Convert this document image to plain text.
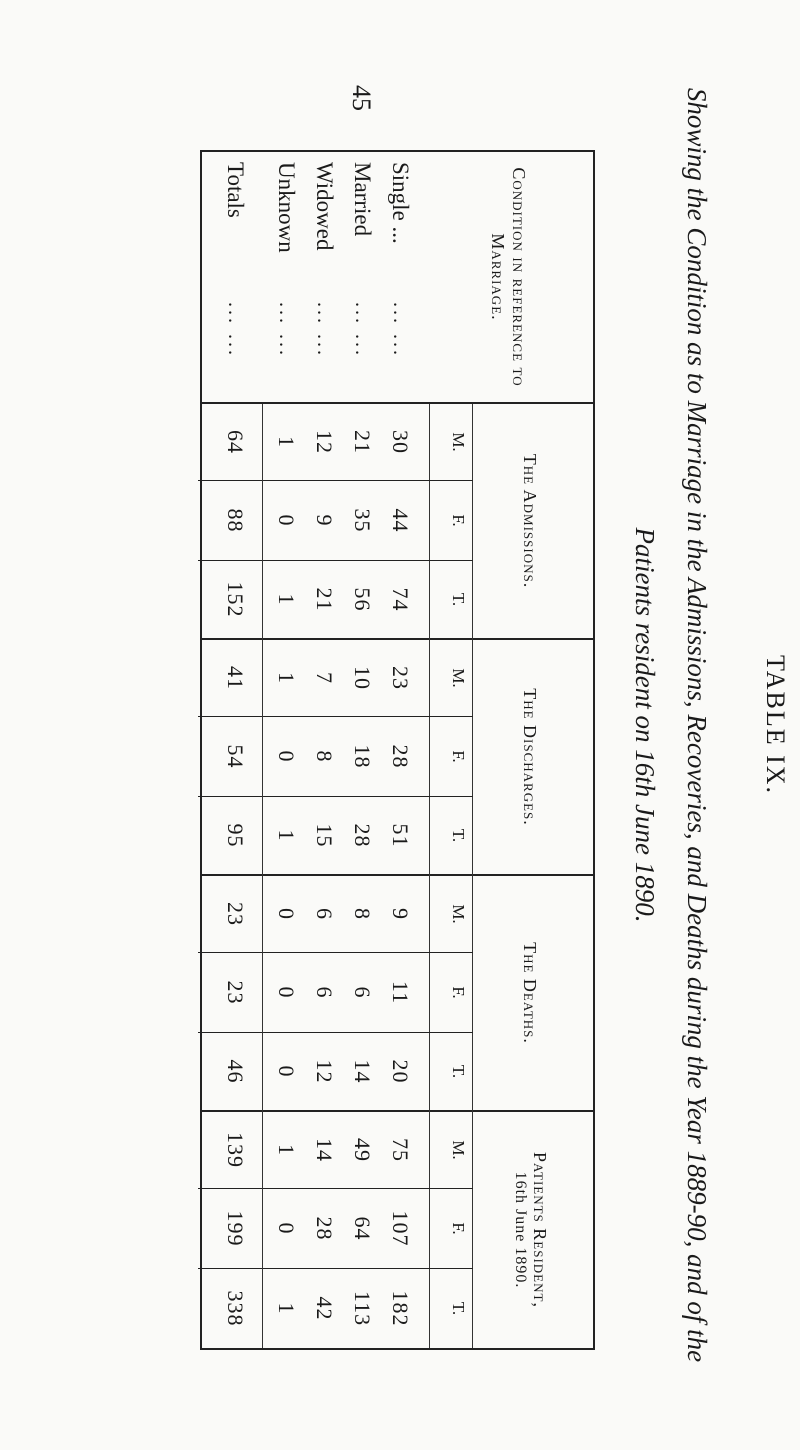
45
TABLE IX.
Showing the Condition as to Marriage in the Admissions, Recoveries, and Deaths during the Year 1889-90, and of the
Patients resident on 16th June 1890.
Condition in reference to
Marriage.
The Admissions.
The Discharges.
The Deaths.
Patients Resident,
16th June 1890.
M.
F.
T.
M.
F.
T.
M.
F.
T.
M.
F.
T.
Single ...
... ...
30
44
74
23
28
51
9
11
20
75
107
182
Married
... ...
21
35
56
10
18
28
8
6
14
49
64
113
Widowed
... ...
12
9
21
7
8
15
6
6
12
14
28
42
Unknown
... ...
1
0
1
1
0
1
0
0
0
1
0
1
Totals
... ...
64
88
152
41
54
95
23
23
46
139
199
338
